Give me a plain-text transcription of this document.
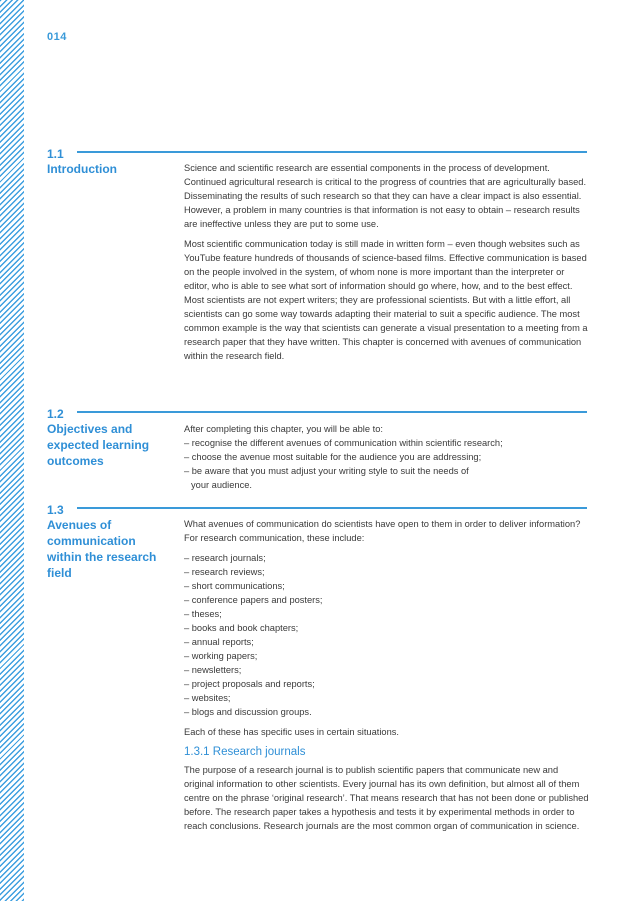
014
1.1
Introduction	Science and scientific research are essential components in the process of development. Continued agricultural research is critical to the progress of countries that are agriculturally based. Disseminating the results of such research so that they can have a clear impact is also essential. However, a problem in many countries is that information is not easy to obtain – research results are ineffective unless they are put to some use.

Most scientific communication today is still made in written form – even though websites such as YouTube feature hundreds of thousands of science-based films. Effective communication is based on the people involved in the system, of whom none is more important than the interpreter or editor, who is able to see what sort of information should go where, how, and to the best effect. Most scientists are not expert writers; they are professional scientists. But with a little effort, all scientists can go some way towards adapting their material to suit a specific audience. The most common example is the way that scientists can generate a visual presentation to a meeting from a research paper that they have written. This chapter is concerned with avenues of communication within the research field.

1.2
Objectives and expected learning outcomes
After completing this chapter, you will be able to:
– recognise the different avenues of communication within scientific research;
– choose the avenue most suitable for the audience you are addressing;
– be aware that you must adjust your writing style to suit the needs of
your audience.
1.3
Avenues of communication within the research field

What avenues of communication do scientists have open to them in order to deliver information? For research communication, these include:

– research journals;
– research reviews;
– short communications;
– conference papers and posters;
– theses;
– books and book chapters;
– annual reports;
– working papers;
– newsletters;
– project proposals and reports;
– websites;
– blogs and discussion groups.

Each of these has specific uses in certain situations.

1.3.1 Research journals

The purpose of a research journal is to publish scientific papers that communicate new and original information to other scientists. Every journal has its own definition, but almost all of them centre on the phrase ‘original research’. That means research that has not been done or published before. The research paper takes a hypothesis and tests it by experimental methods in order to reach conclusions. Research journals are the most common organ of communication in science.
